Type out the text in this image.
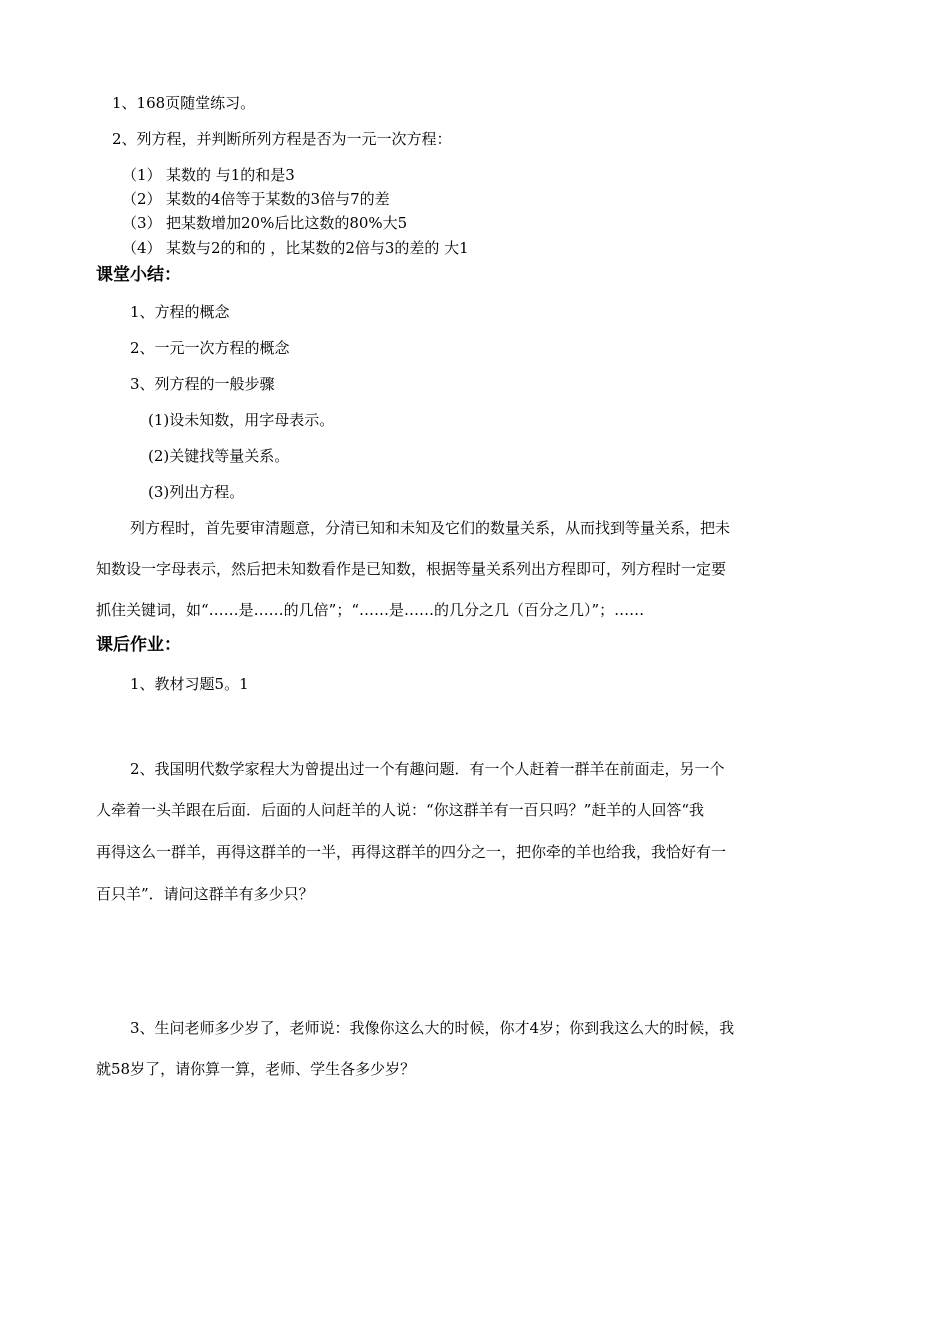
1、168页随堂练习。
2、列方程，并判断所列方程是否为一元一次方程：
（1） 某数的 与1的和是3
（2） 某数的4倍等于某数的3倍与7的差
（3） 把某数增加20%后比这数的80%大5
（4） 某数与2的和的 ，比某数的2倍与3的差的 大1
课堂小结：
1、方程的概念
2、一元一次方程的概念
3、列方程的一般步骤
(1)设未知数，用字母表示。
(2)关键找等量关系。
(3)列出方程。
列方程时，首先要审清题意，分清已知和未知及它们的数量关系，从而找到等量关系，把未
知数设一字母表示，然后把未知数看作是已知数，根据等量关系列出方程即可，列方程时一定要
抓住关键词，如“……是……的几倍”；“……是……的几分之几（百分之几）”；……
课后作业：
1、教材习题5。1
2、我国明代数学家程大为曾提出过一个有趣问题．有一个人赶着一群羊在前面走，另一个
人牵着一头羊跟在后面．后面的人问赶羊的人说：“你这群羊有一百只吗？”赶羊的人回答“我
再得这么一群羊，再得这群羊的一半，再得这群羊的四分之一，把你牵的羊也给我，我恰好有一
百只羊”．请问这群羊有多少只？
3、生问老师多少岁了，老师说：我像你这么大的时候，你才4岁；你到我这么大的时候，我
就58岁了，请你算一算，老师、学生各多少岁？
